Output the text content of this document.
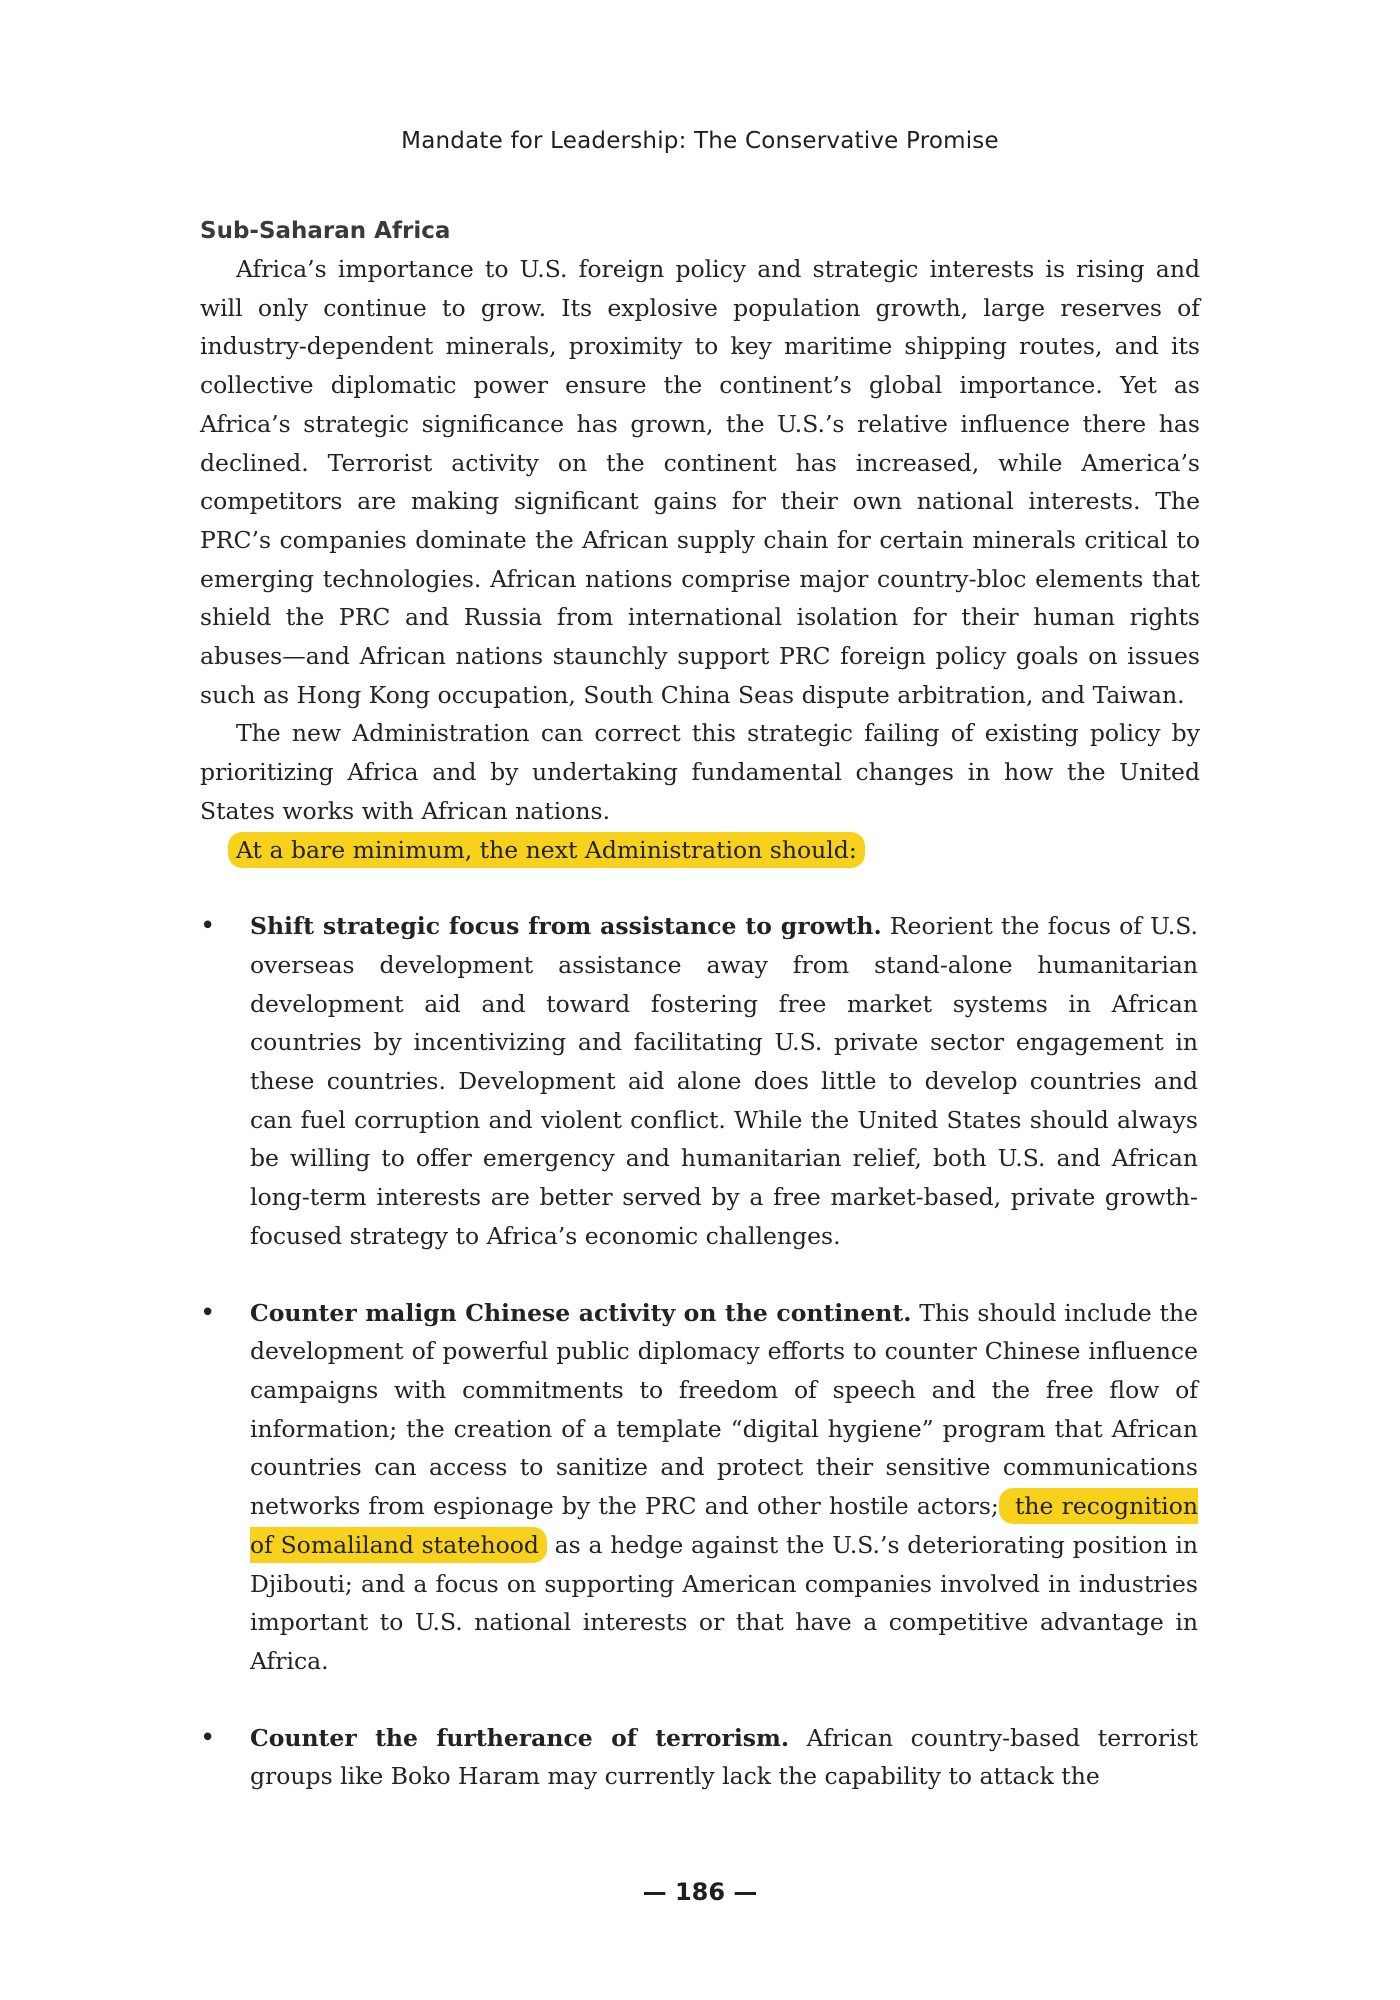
Mandate for Leadership: The Conservative Promise
Sub-Saharan Africa

Africa’s importance to U.S. foreign policy and strategic interests is rising and will only continue to grow. Its explosive population growth, large reserves of industry-dependent minerals, proximity to key maritime shipping routes, and its collective diplomatic power ensure the continent’s global importance. Yet as Africa’s strategic significance has grown, the U.S.’s relative influence there has declined. Terrorist activity on the continent has increased, while America’s competitors are making significant gains for their own national interests. The PRC’s companies dominate the African supply chain for certain minerals critical to emerging technologies. African nations comprise major country-bloc elements that shield the PRC and Russia from international isolation for their human rights abuses—and African nations staunchly support PRC foreign policy goals on issues such as Hong Kong occupation, South China Seas dispute arbitration, and Taiwan.

The new Administration can correct this strategic failing of existing policy by prioritizing Africa and by undertaking fundamental changes in how the United States works with African nations.

At a bare minimum, the next Administration should:

• Shift strategic focus from assistance to growth. Reorient the focus of U.S. overseas development assistance away from stand-alone humanitarian development aid and toward fostering free market systems in African countries by incentivizing and facilitating U.S. private sector engagement in these countries. Development aid alone does little to develop countries and can fuel corruption and violent conflict. While the United States should always be willing to offer emergency and humanitarian relief, both U.S. and African long-term interests are better served by a free market-based, private growth-focused strategy to Africa’s economic challenges.
• Counter malign Chinese activity on the continent. This should include the development of powerful public diplomacy efforts to counter Chinese influence campaigns with commitments to freedom of speech and the free flow of information; the creation of a template “digital hygiene” program that African countries can access to sanitize and protect their sensitive communications networks from espionage by the PRC and other hostile actors; the recognition of Somaliland statehood as a hedge against the U.S.’s deteriorating position in Djibouti; and a focus on supporting American companies involved in industries important to U.S. national interests or that have a competitive advantage in Africa.
• Counter the furtherance of terrorism. African country-based terrorist groups like Boko Haram may currently lack the capability to attack the
— 186 —
